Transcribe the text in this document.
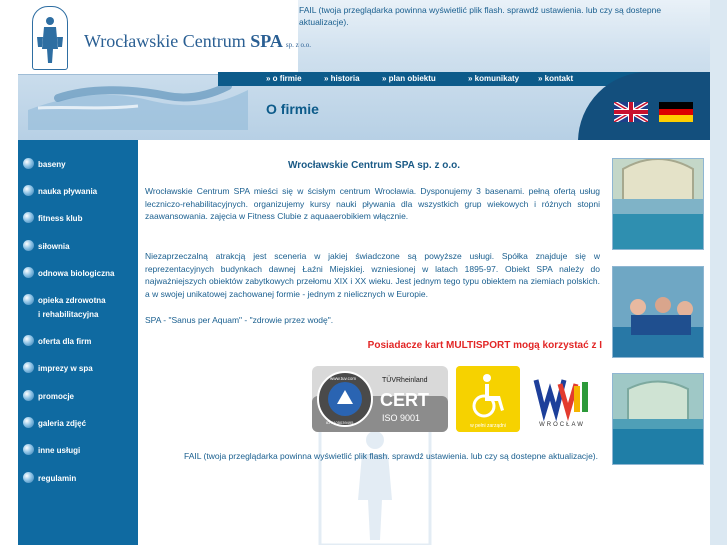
Wrocławskie Centrum SPA sp. z o.o.
FAIL (twoja przeglądarka powinna wyświetlić plik flash. sprawdź ustawienia. lub czy są dostepne aktualizacje).
» o firmie	» historia	» plan obiektu	» komunikaty » kontakt
O firmie
baseny
nauka pływania
fitness klub
siłownia
odnowa biologiczna
opieka zdrowotna
i rehabilitacyjna
oferta dla firm
imprezy w spa
promocje
galeria zdjęć
inne usługi
regulamin
Wrocławskie Centrum SPA sp. z o.o.
Wrocławskie Centrum SPA mieści się w ścisłym centrum Wrocławia. Dysponujemy 3 basenami. pełną ofertą usług leczniczo-rehabilitacyjnych. organizujemy kursy nauki pływania dla wszystkich grup wiekowych i różnych stopni zaawansowania. zajęcia w Fitness Clubie z aquaaerobikiem włącznie.
Niezaprzeczalną atrakcją jest sceneria w jakiej świadczone są powyższe usługi. Spółka znajduje się w reprezentacyjnych budynkach dawnej Łaźni Miejskiej. wzniesionej w latach 1895-97. Obiekt SPA należy do najważniejszych obiektów zabytkowych przełomu XIX i XX wieku. Jest jednym tego typu obiektem na ziemiach polskich. a w swojej unikatowej zachowanej formie - jednym z nielicznych w Europie.
SPA - "Sanus per Aquam" - "zdrowie przez wodę".
Posiadacze kart MULTISPORT mogą korzystać z I
TÜVRheinland
CERT
ISO 9001
www.tuv.com
ID 9105039495
w pełni zarządni	WROCŁAW
FAIL (twoja przeglądarka powinna wyświetlić plik flash. sprawdź ustawienia. lub czy są dostepne aktualizacje).
